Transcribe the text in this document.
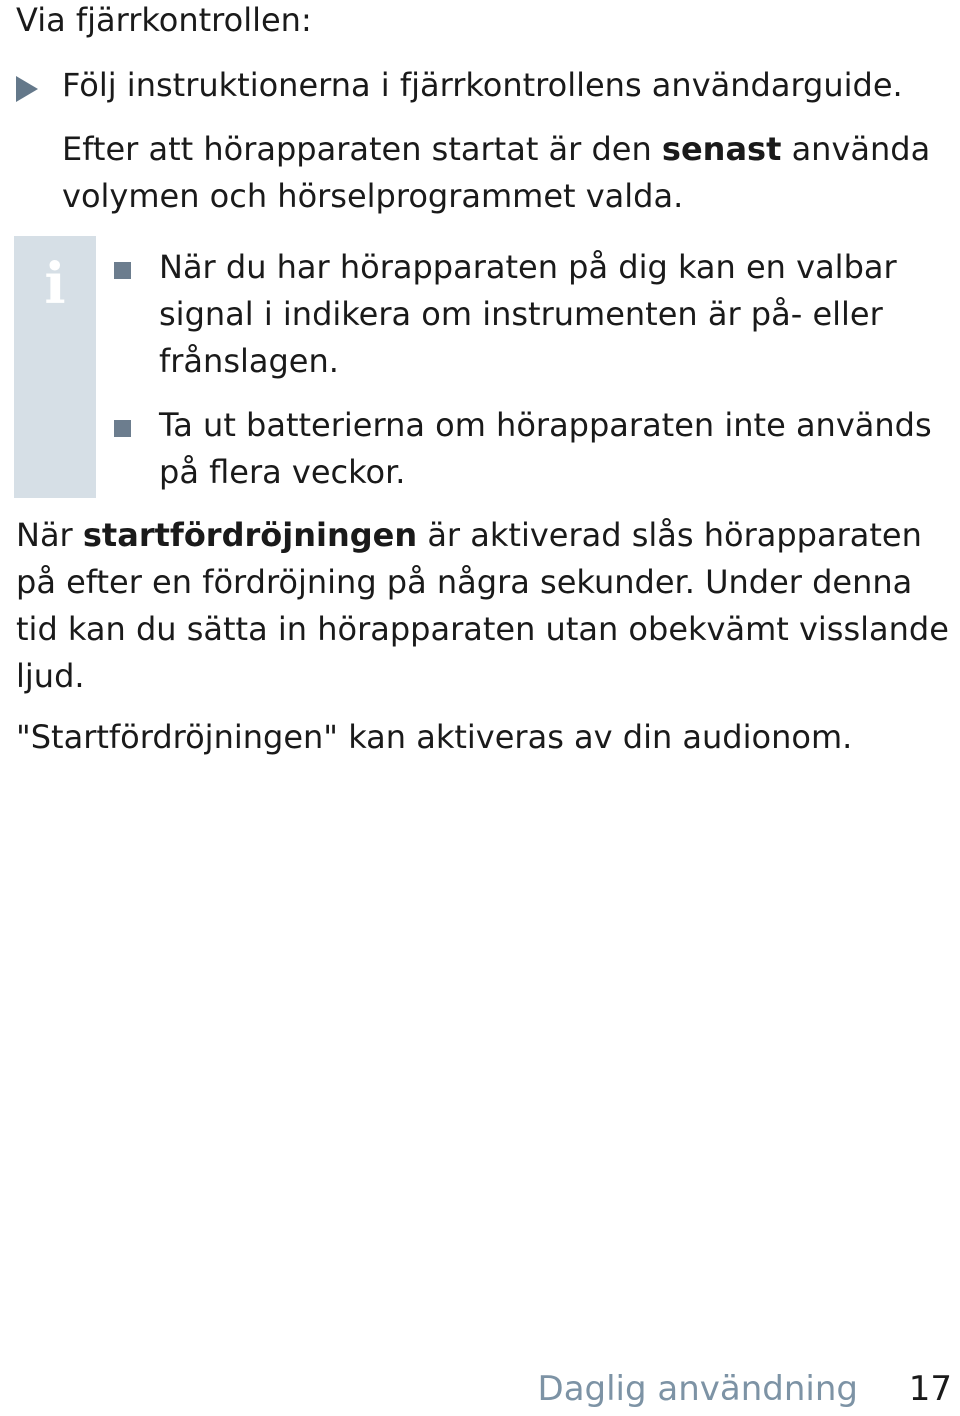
Via fjärrkontrollen:

Följ instruktionerna i fjärrkontrollens användarguide.

Efter att hörapparaten startat är den senast använda volymen och hörselprogrammet valda.

i	När du har hörapparaten på dig kan en valbar signal i indikera om instrumenten är på- eller frånslagen.
Ta ut batterierna om hörapparaten inte används på flera veckor.

När startfördröjningen är aktiverad slås hörapparaten på efter en fördröjning på några sekunder. Under denna tid kan du sätta in hörapparaten utan obekvämt visslande ljud.

"Startfördröjningen" kan aktiveras av din audionom.

Daglig användning 17
